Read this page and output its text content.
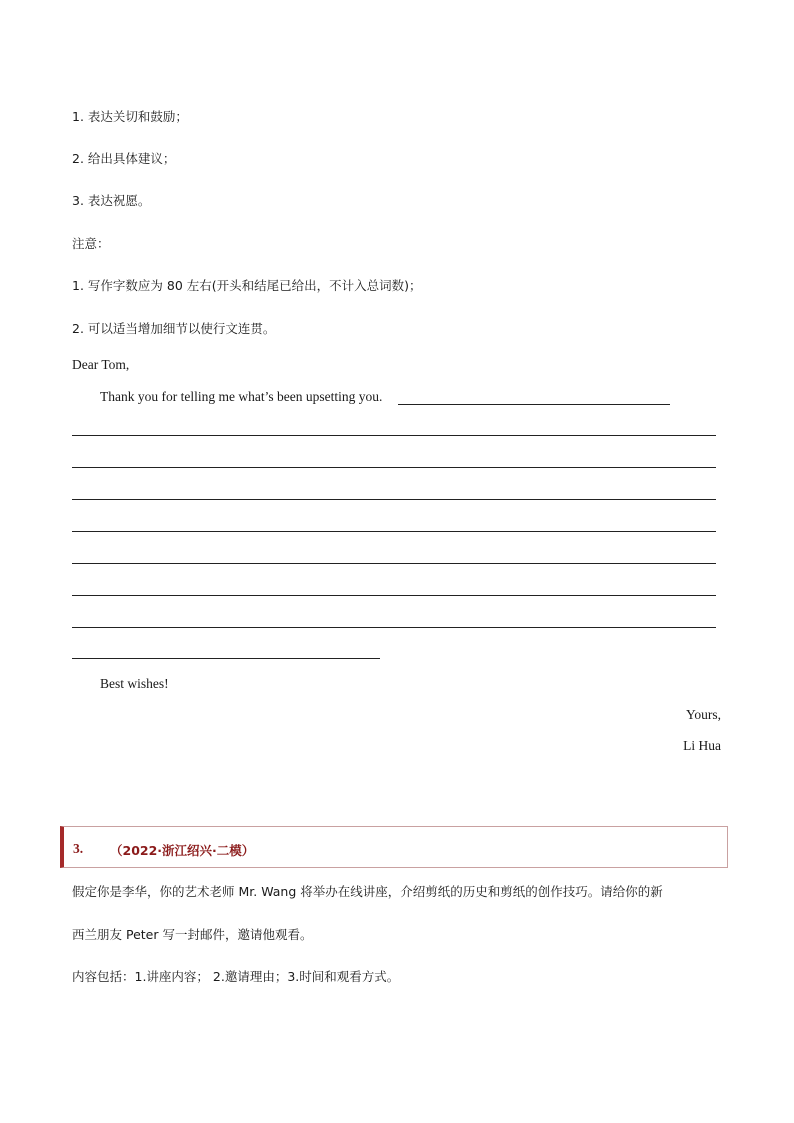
1. 表达关切和鼓励；
2. 给出具体建议；
3. 表达祝愿。
注意：
1. 写作字数应为 80 左右(开头和结尾已给出，不计入总词数)；
2. 可以适当增加细节以使行文连贯。
Dear Tom,
Thank you for telling me what’s been upsetting you.
Best wishes!
Yours,
Li Hua
3. （2022·浙江绍兴·二模）
假定你是李华，你的艺术老师 Mr. Wang 将举办在线讲座，介绍剪纸的历史和剪纸的创作技巧。请给你的新
西兰朋友 Peter 写一封邮件，邀请他观看。
内容包括：1.讲座内容； 2.邀请理由；3.时间和观看方式。
